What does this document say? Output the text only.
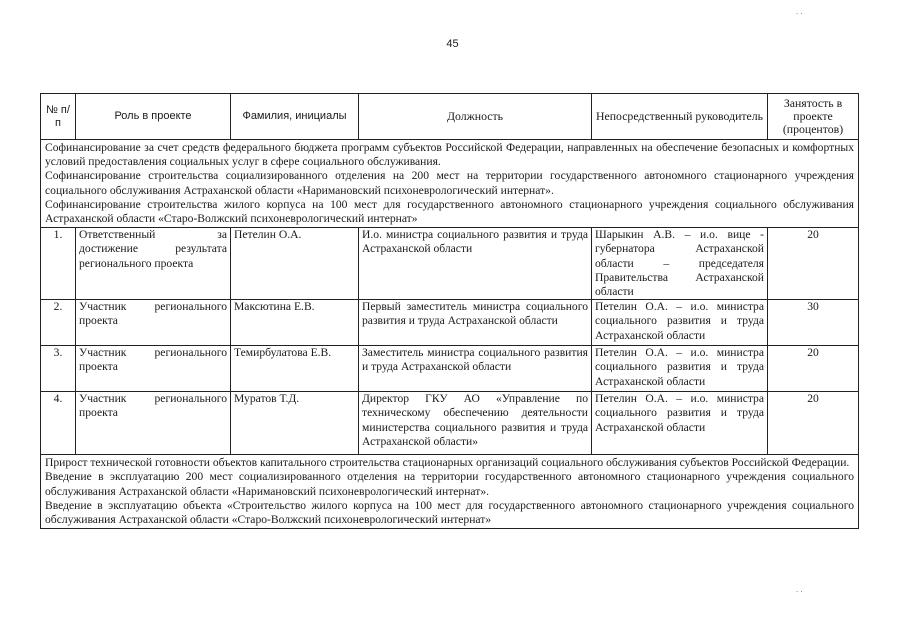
45
· ·
· ·
№ п/п	Роль в проекте	Фамилия, инициалы	Должность	Непосредственный руководитель	Занятость в проекте (процентов)

Софинансирование за счет средств федерального бюджета программ субъектов Российской Федерации, направленных на обеспечение безопасных и комфортных условий предоставления социальных услуг в сфере социального обслуживания.
Софинансирование строительства социализированного отделения на 200 мест на территории государственного автономного стационарного учреждения социального обслуживания Астраханской области «Наримановский психоневрологический интернат».
Софинансирование строительства жилого корпуса на 100 мест для государственного автономного стационарного учреждения социального обслуживания Астраханской области «Старо-Волжский психоневрологический интернат»					

1.	Ответственный за достижение результата регионального проекта	Петелин О.А.	И.о. министра социального развития и труда Астраханской области	Шарыкин А.В. – и.о. вице - губернатора Астраханской области – председателя Правительства Астраханской области	20
2.	Участник регионального проекта	Максютина Е.В.	Первый заместитель министра социального развития и труда Астраханской области	Петелин О.А. – и.о. министра социального развития и труда Астраханской области	30
3.	Участник регионального проекта	Темирбулатова Е.В.	Заместитель министра социального развития и труда Астраханской области	Петелин О.А. – и.о. министра социального развития и труда Астраханской области	20
4.	Участник регионального проекта	Муратов Т.Д.	Директор ГКУ АО «Управление по техническому обеспечению деятельности министерства социального развития и труда Астраханской области»	Петелин О.А. – и.о. министра социального развития и труда Астраханской области	20

Прирост технической готовности объектов капитального строительства стационарных организаций социального обслуживания субъектов Российской Федерации.
Введение в эксплуатацию 200 мест социализированного отделения на территории государственного автономного стационарного учреждения социального обслуживания Астраханской области «Наримановский психоневрологический интернат».
Введение в эксплуатацию объекта «Строительство жилого корпуса на 100 мест для государственного автономного стационарного учреждения социального обслуживания Астраханской области «Старо-Волжский психоневрологический интернат»					
